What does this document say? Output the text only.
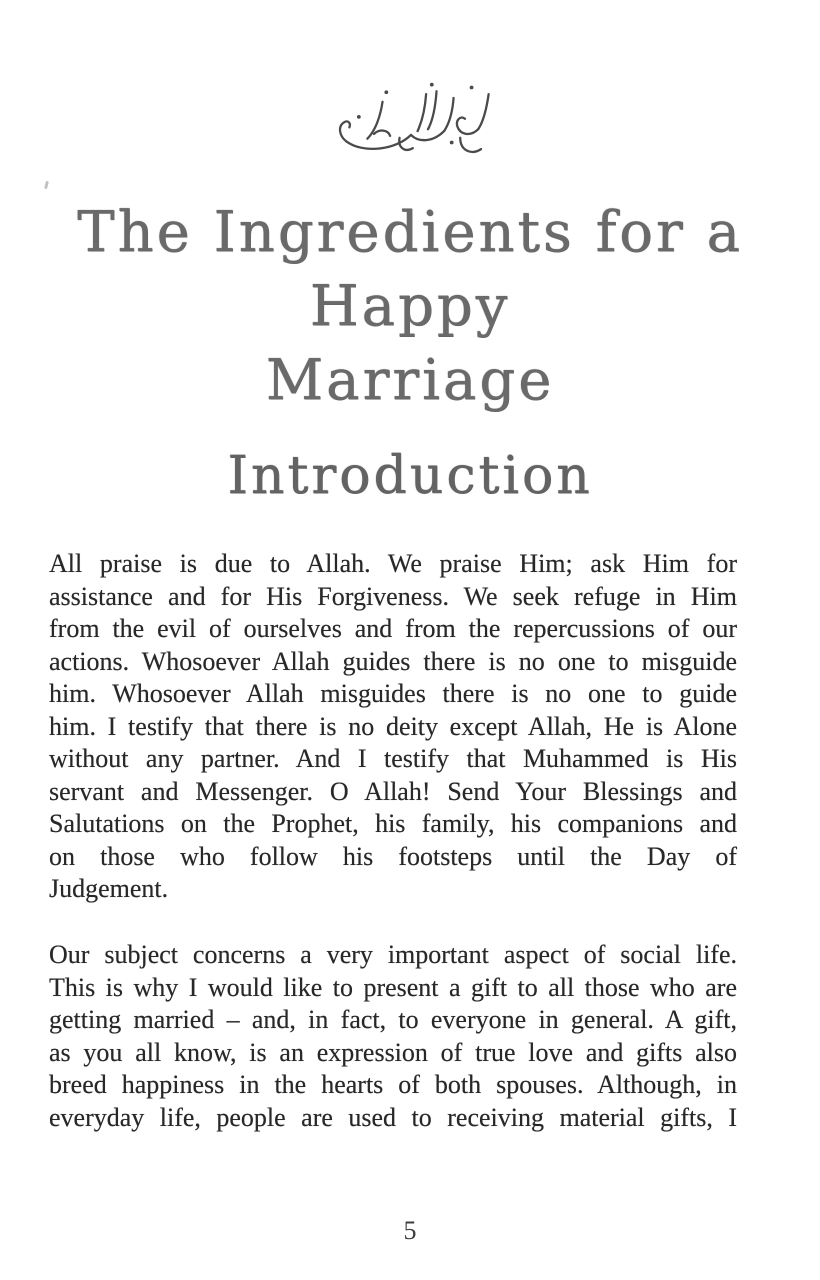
The Ingredients for a
Happy
Marriage
Introduction
All praise is due to Allah. We praise Him; ask Him for
assistance and for His Forgiveness. We seek refuge in Him
from the evil of ourselves and from the repercussions of our
actions. Whosoever Allah guides there is no one to misguide
him. Whosoever Allah misguides there is no one to guide
him. I testify that there is no deity except Allah, He is Alone
without any partner. And I testify that Muhammed is His
servant and Messenger. O Allah! Send Your Blessings and
Salutations on the Prophet, his family, his companions and
on those who follow his footsteps until the Day of
Judgement.
Our subject concerns a very important aspect of social life.
This is why I would like to present a gift to all those who are
getting married – and, in fact, to everyone in general. A gift,
as you all know, is an expression of true love and gifts also
breed happiness in the hearts of both spouses. Although, in
everyday life, people are used to receiving material gifts, I
5
